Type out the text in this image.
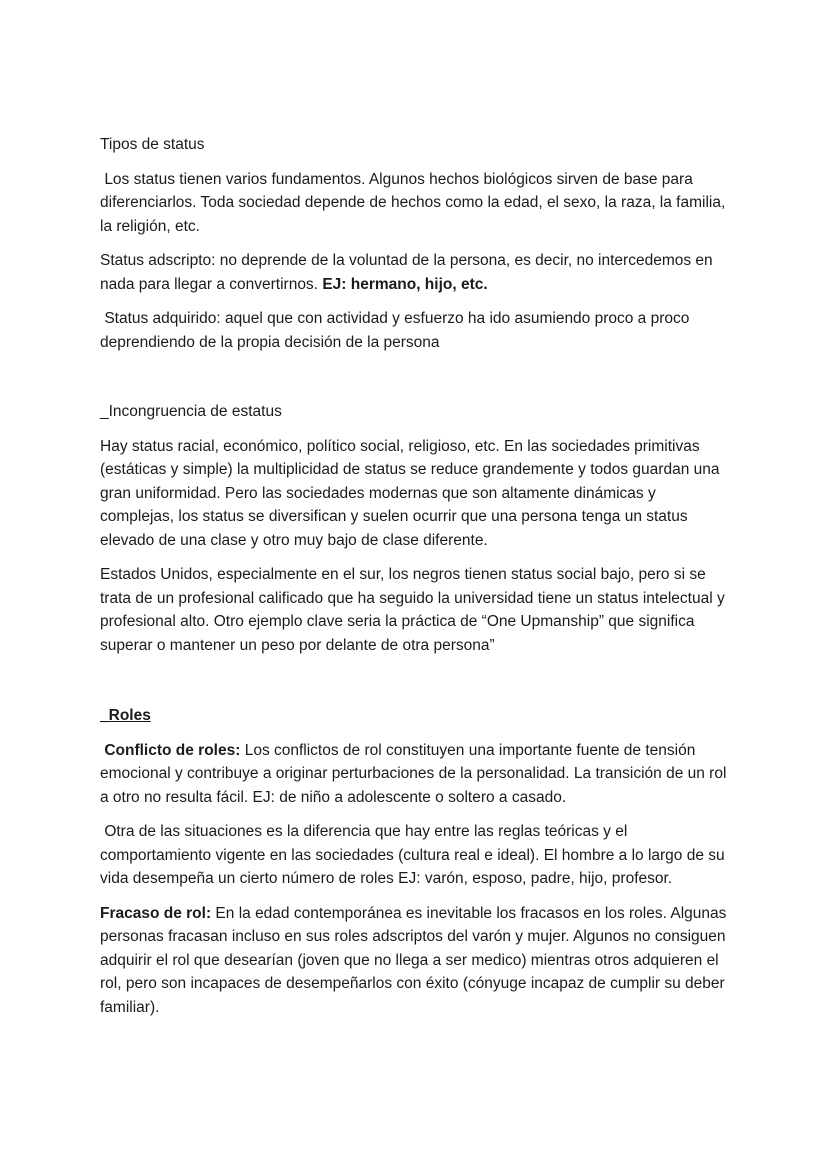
Tipos de status

Los status tienen varios fundamentos. Algunos hechos biológicos sirven de base para diferenciarlos. Toda sociedad depende de hechos como la edad, el sexo, la raza, la familia, la religión, etc.

Status adscripto: no deprende de la voluntad de la persona, es decir, no intercedemos en nada para llegar a convertirnos. EJ: hermano, hijo, etc.

Status adquirido: aquel que con actividad y esfuerzo ha ido asumiendo proco a proco deprendiendo de la propia decisión de la persona

_Incongruencia de estatus

Hay status racial, económico, político social, religioso, etc. En las sociedades primitivas (estáticas y simple) la multiplicidad de status se reduce grandemente y todos guardan una gran uniformidad. Pero las sociedades modernas que son altamente dinámicas y complejas, los status se diversifican y suelen ocurrir que una persona tenga un status elevado de una clase y otro muy bajo de clase diferente.

Estados Unidos, especialmente en el sur, los negros tienen status social bajo, pero si se trata de un profesional calificado que ha seguido la universidad tiene un status intelectual y profesional alto. Otro ejemplo clave seria la práctica de “One Upmanship” que significa superar o mantener un peso por delante de otra persona”

_Roles

Conflicto de roles: Los conflictos de rol constituyen una importante fuente de tensión emocional y contribuye a originar perturbaciones de la personalidad. La transición de un rol a otro no resulta fácil. EJ: de niño a adolescente o soltero a casado.

Otra de las situaciones es la diferencia que hay entre las reglas teóricas y el comportamiento vigente en las sociedades (cultura real e ideal). El hombre a lo largo de su vida desempeña un cierto número de roles EJ: varón, esposo, padre, hijo, profesor.

Fracaso de rol: En la edad contemporánea es inevitable los fracasos en los roles. Algunas personas fracasan incluso en sus roles adscriptos del varón y mujer. Algunos no consiguen adquirir el rol que desearían (joven que no llega a ser medico) mientras otros adquieren el rol, pero son incapaces de desempeñarlos con éxito (cónyuge incapaz de cumplir su deber familiar).
